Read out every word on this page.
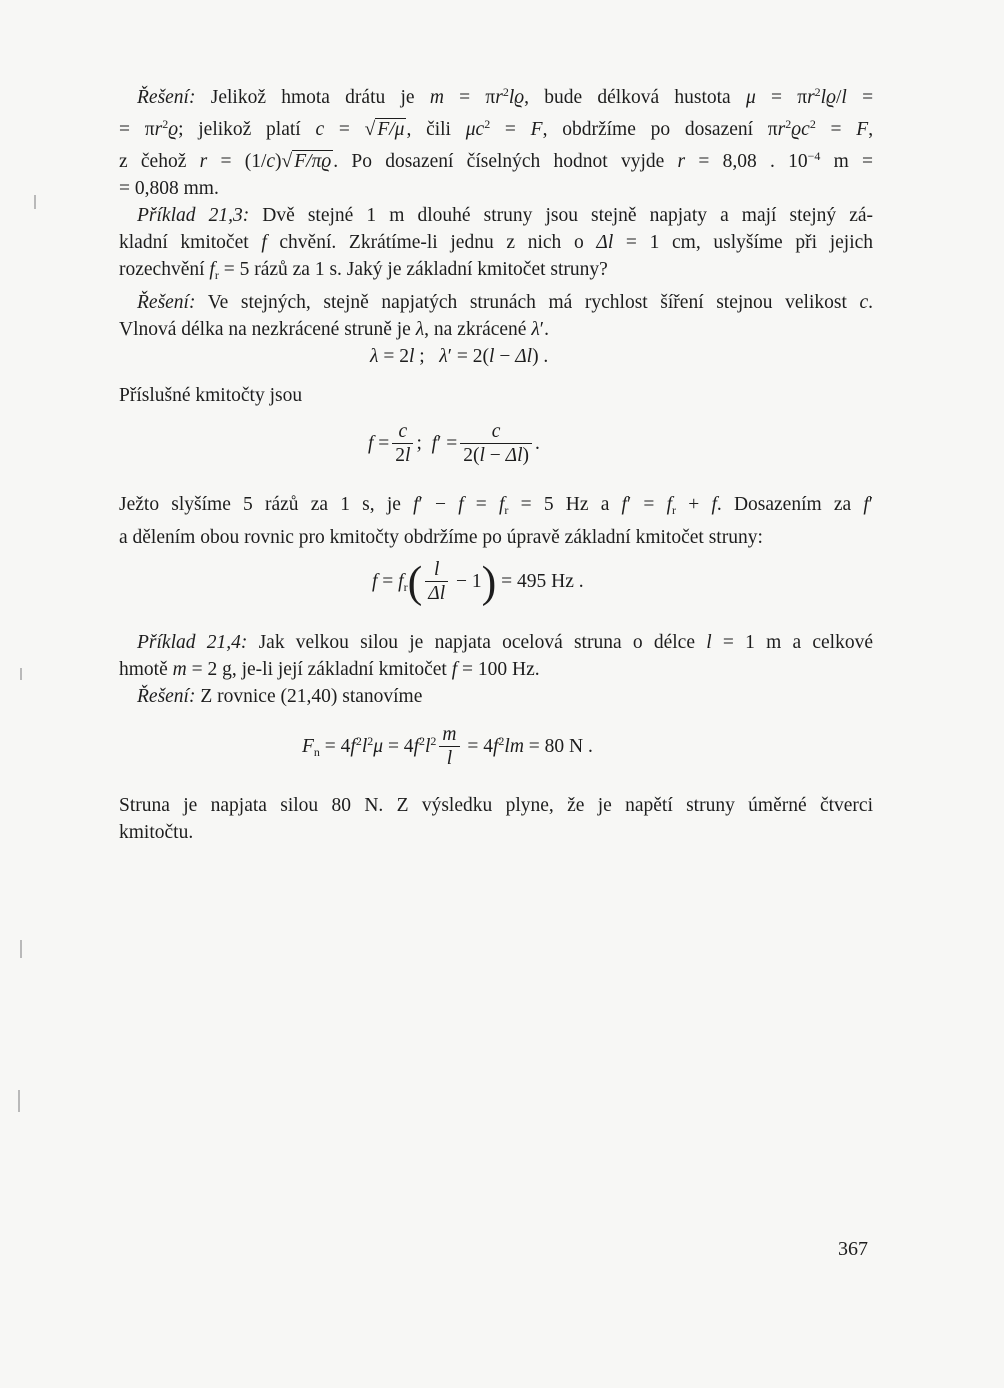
Řešení: Jelikož hmota drátu je $m = \pi r^2lϱ$, bude délková hustota $\mu = \pi r^2lϱ/l$ =

= $\pi r^2ϱ$; jelikož platí c = √ F/μ , čili $\mu c^2 = F$, obdržíme po dosazení $\pi r^2ϱc^2 = F$,

z čehož r = (1/c)√ F/πϱ . Po dosazení číselných hodnot vyjde r = 8,08 . $10^{-4}$ m =

= 0,808 mm.

Příklad 21,3: Dvě stejné 1 m dlouhé struny jsou stejně napjaty a mají stejný zá-

kladní kmitočet f chvění. Zkrátíme-li jednu z nich o Δl = 1 cm, uslyšíme při jejich

rozechvění $f_r = 5$ rázů za 1 s. Jaký je základní kmitočet struny?

Řešení: Ve stejných, stejně napjatých strunách má rychlost šíření stejnou velikost c.

Vlnová délka na nezkrácené struně je λ, na zkrácené λ′.

λ = 2l ;   λ′ = 2(l − Δl) .

Příslušné kmitočty jsou

$f = \frac{c}{2l}$ ;  $f' = \frac{c}{2(l - \Delta l)}$ .

Ježto slyšíme 5 rázů za 1 s, je $f' - f = f_r = 5$ Hz a $f' = f_r + f$. Dosazením za f′

a dělením obou rovnic pro kmitočty obdržíme po úpravě základní kmitočet struny:

$f = f_r( \frac{l}{\Delta l} - 1) = 495$ Hz .

Příklad 21,4: Jak velkou silou je napjata ocelová struna o délce l = 1 m a celkové

hmotě m = 2 g, je-li její základní kmitočet f = 100 Hz.

Řešení: Z rovnice (21,40) stanovíme

$F_n = 4f^2l^2\mu = 4f^2l^2 \frac{m}{l} = 4f^2lm = 80$ N .

Struna je napjata silou 80 N. Z výsledku plyne, že je napětí struny úměrné čtverci

kmitočtu.

367
